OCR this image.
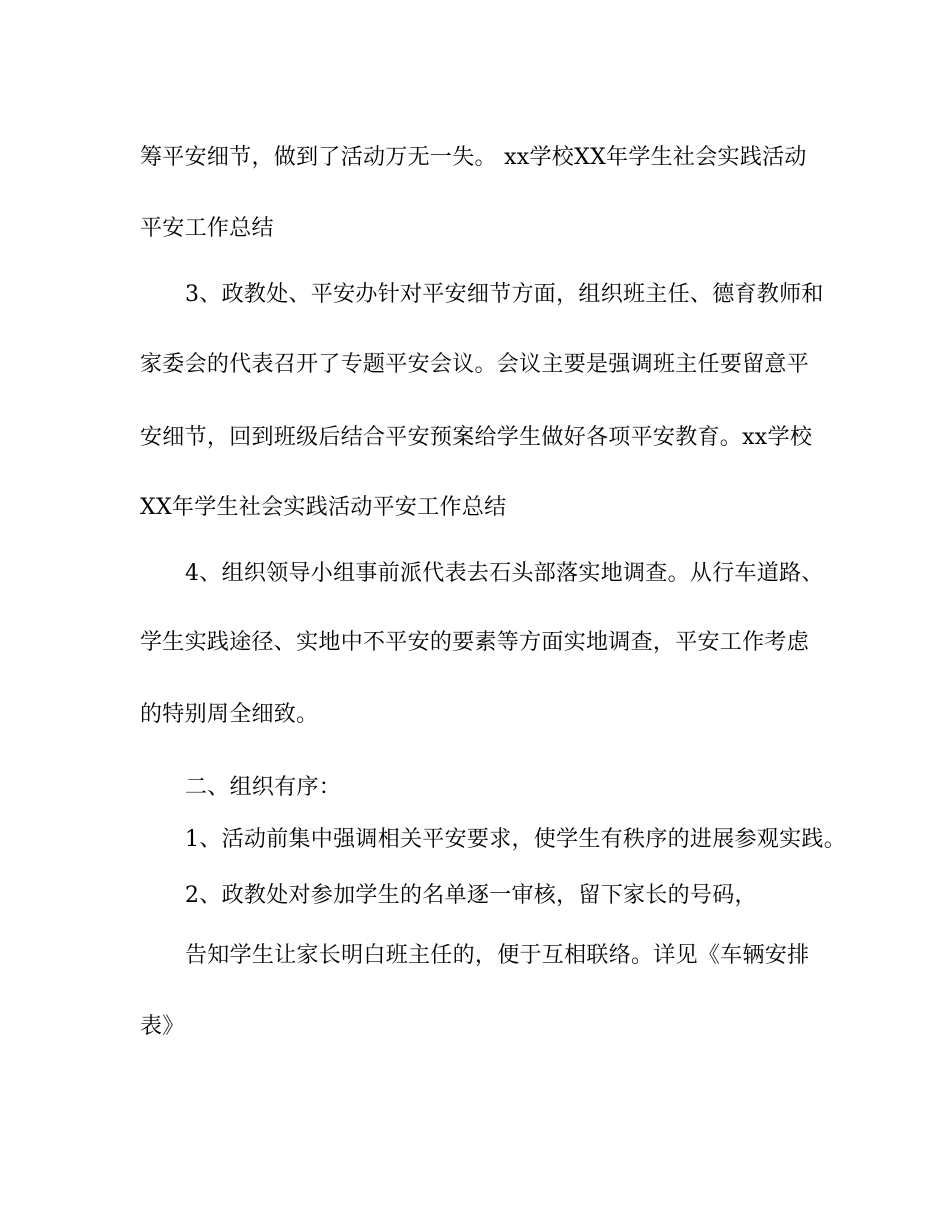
筹平安细节，做到了活动万无一失。 xx学校XX年学生社会实践活动
平安工作总结
3、政教处、平安办针对平安细节方面，组织班主任、德育教师和
家委会的代表召开了专题平安会议。会议主要是强调班主任要留意平
安细节，回到班级后结合平安预案给学生做好各项平安教育。xx学校
XX年学生社会实践活动平安工作总结
4、组织领导小组事前派代表去石头部落实地调查。从行车道路、
学生实践途径、实地中不平安的要素等方面实地调查，平安工作考虑
的特别周全细致。
二、组织有序：
1、活动前集中强调相关平安要求，使学生有秩序的进展参观实践。
2、政教处对参加学生的名单逐一审核，留下家长的号码，
告知学生让家长明白班主任的，便于互相联络。详见《车辆安排
表》
